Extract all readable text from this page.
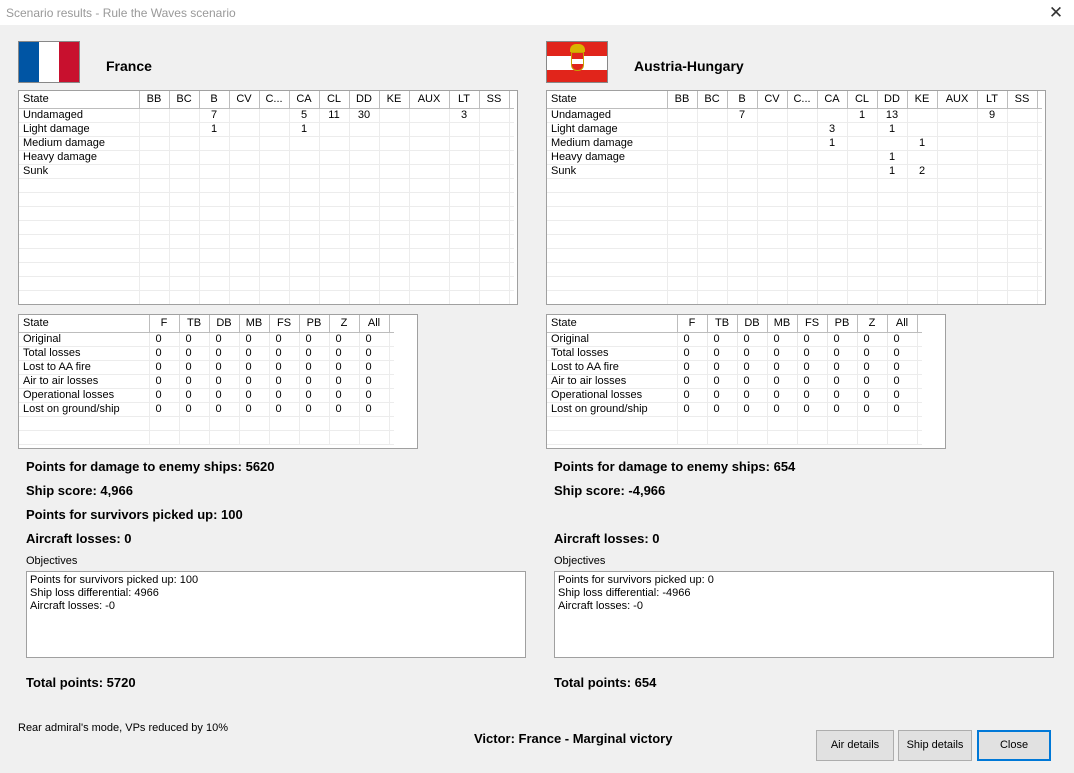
Scenario results - Rule the Waves scenario	✕
France
State	BB	BC	B	CV	C...	CA	CL	DD	KE	AUX	LT	SS	
Undamaged			7			5	11	30			3		
Light damage			1			1							
Medium damage													
Heavy damage													
Sunk													

State	F	TB	DB	MB	FS	PB	Z	All	
Original	0	0	0	0	0	0	0	0	
Total losses	0	0	0	0	0	0	0	0	
Lost to AA fire	0	0	0	0	0	0	0	0	
Air to air losses	0	0	0	0	0	0	0	0	
Operational losses	0	0	0	0	0	0	0	0	
Lost on ground/ship	0	0	0	0	0	0	0	0	

Points for damage to enemy ships: 5620
Ship score: 4,966
Points for survivors picked up: 100
Aircraft losses: 0
Objectives
Points for survivors picked up: 100
Ship loss differential: 4966
Aircraft losses: -0
Total points: 5720
Austria-Hungary
State	BB	BC	B	CV	C...	CA	CL	DD	KE	AUX	LT	SS	
Undamaged			7				1	13			9		
Light damage						3		1					
Medium damage						1			1				
Heavy damage								1					
Sunk								1	2				

State	F	TB	DB	MB	FS	PB	Z	All	
Original	0	0	0	0	0	0	0	0	
Total losses	0	0	0	0	0	0	0	0	
Lost to AA fire	0	0	0	0	0	0	0	0	
Air to air losses	0	0	0	0	0	0	0	0	
Operational losses	0	0	0	0	0	0	0	0	
Lost on ground/ship	0	0	0	0	0	0	0	0	

Points for damage to enemy ships: 654
Ship score: -4,966
Aircraft losses: 0
Objectives
Points for survivors picked up: 0
Ship loss differential: -4966
Aircraft losses: -0
Total points: 654
Rear admiral's mode, VPs reduced by 10%
Victor: France - Marginal victory	Air details	Ship details	Close
